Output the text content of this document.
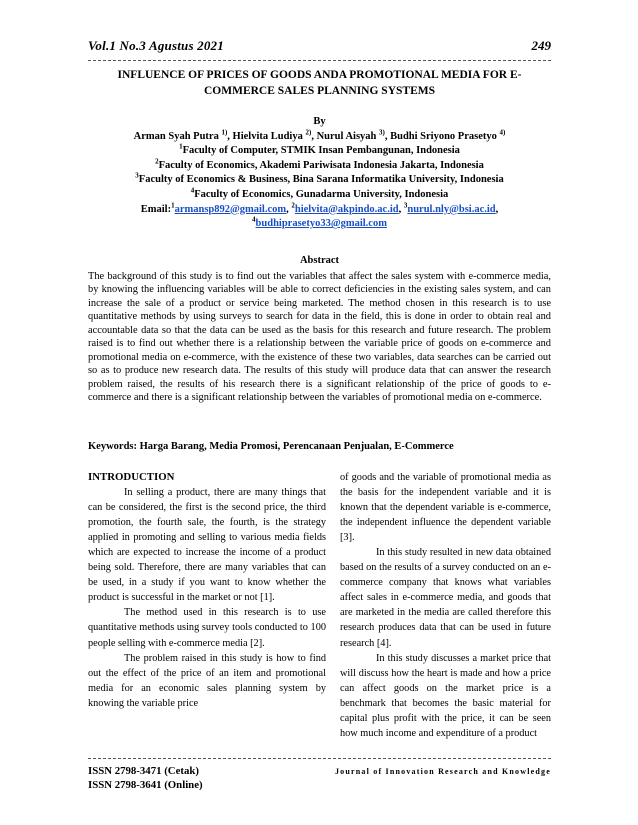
Vol.1 No.3 Agustus 2021	249
INFLUENCE OF PRICES OF GOODS ANDA PROMOTIONAL MEDIA FOR E-COMMERCE SALES PLANNING SYSTEMS
By
Arman Syah Putra $^{1)}$, Hielvita Ludiya $^{2)}$, Nurul Aisyah $^{3)}$, Budhi Sriyono Prasetyo $^{4)}$
$^1$Faculty of Computer, STMIK Insan Pembangunan, Indonesia
$^2$Faculty of Economics, Akademi Pariwisata Indonesia Jakarta, Indonesia
$^3$Faculty of Economics & Business, Bina Sarana Informatika University, Indonesia
$^4$Faculty of Economics, Gunadarma University, Indonesia
Email:$^1$armansp892@gmail.com, $^2$hielvita@akpindo.ac.id, $^3$nurul.nly@bsi.ac.id,
$^4$budhiprasetyo33@gmail.com
Abstract

The background of this study is to find out the variables that affect the sales system with e-commerce media, by knowing the influencing variables will be able to correct deficiencies in the existing sales system, and can increase the sale of a product or service being marketed. The method chosen in this research is to use quantitative methods by using surveys to search for data in the field, this is done in order to obtain real and accountable data so that the data can be used as the basis for this research and future research. The problem raised is to find out whether there is a relationship between the variable price of goods on e-commerce and promotional media on e-commerce, with the existence of these two variables, data searches can be carried out so as to produce new research data. The results of this study will produce data that can answer the research problem raised, the results of his research there is a significant relationship of the price of goods to e-commerce and there is a significant relationship between the variables of promotional media on e-commerce.

Keywords: Harga Barang, Media Promosi, Perencanaan Penjualan, E-Commerce
INTRODUCTION

In selling a product, there are many things that can be considered, the first is the second price, the third promotion, the fourth sale, the fourth, is the strategy applied in promoting and selling to various media fields which are expected to increase the income of a product being sold. Therefore, there are many variables that can be used, in a study if you want to know whether the product is successful in the market or not [1].

The method used in this research is to use quantitative methods using survey tools conducted to 100 people selling with e-commerce media [2].

The problem raised in this study is how to find out the effect of the price of an item and promotional media for an economic sales planning system by knowing the variable price

of goods and the variable of promotional media as the basis for the independent variable and it is known that the dependent variable is e-commerce, the independent influence the dependent variable [3].

In this study resulted in new data obtained based on the results of a survey conducted on an e-commerce company that knows what variables affect sales in e-commerce media, and goods that are marketed in the media are called therefore this research produces data that can be used in future research [4].

In this study discusses a market price that will discuss how the heart is made and how a price can affect goods on the market price is a benchmark that becomes the basic material for capital plus profit with the price, it can be seen how much income and expenditure of a product

ISSN 2798-3471 (Cetak)
ISSN 2798-3641 (Online)
Journal of Innovation Research and Knowledge
